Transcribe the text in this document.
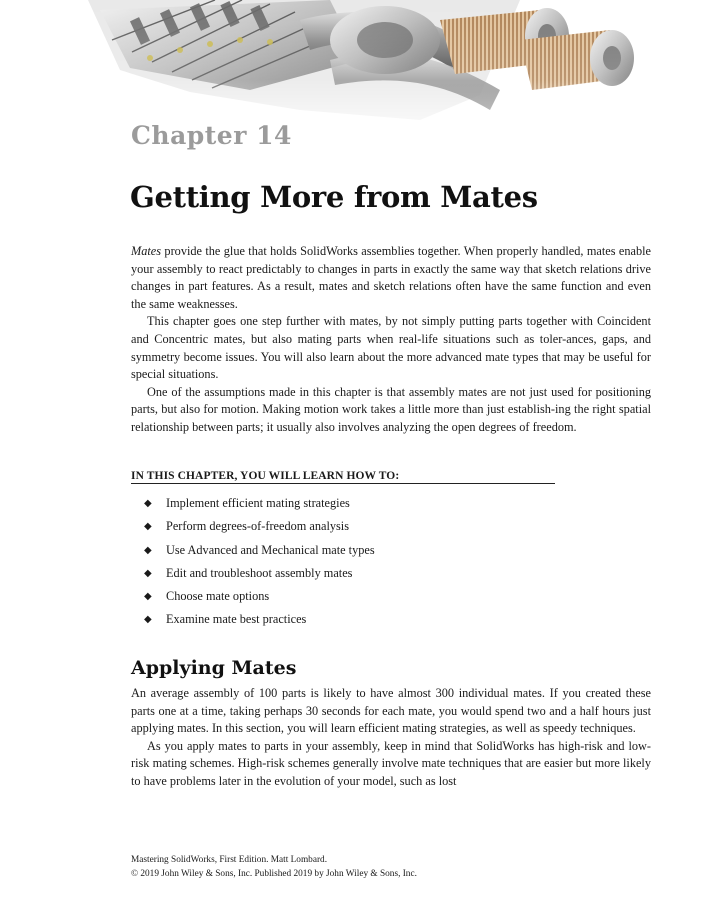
Chapter 14
Getting More from Mates

Mates provide the glue that holds SolidWorks assemblies together. When properly handled, mates enable your assembly to react predictably to changes in parts in exactly the same way that sketch relations drive changes in part features. As a result, mates and sketch relations often have the same function and even the same weaknesses.

This chapter goes one step further with mates, by not simply putting parts together with Coincident and Concentric mates, but also mating parts when real-life situations such as toler-ances, gaps, and symmetry become issues. You will also learn about the more advanced mate types that may be useful for special situations.

One of the assumptions made in this chapter is that assembly mates are not just used for positioning parts, but also for motion. Making motion work takes a little more than just establish-ing the right spatial relationship between parts; it usually also involves analyzing the open degrees of freedom.

IN THIS CHAPTER, YOU WILL LEARN HOW TO:
◆	Implement efficient mating strategies
◆	Perform degrees-of-freedom analysis
◆	Use Advanced and Mechanical mate types
◆	Edit and troubleshoot assembly mates
◆	Choose mate options
◆	Examine mate best practices
Applying Mates

An average assembly of 100 parts is likely to have almost 300 individual mates. If you created these parts one at a time, taking perhaps 30 seconds for each mate, you would spend two and a half hours just applying mates. In this section, you will learn efficient mating strategies, as well as speedy techniques.

As you apply mates to parts in your assembly, keep in mind that SolidWorks has high-risk and low-risk mating schemes. High-risk schemes generally involve mate techniques that are easier but more likely to have problems later in the evolution of your model, such as lost

Mastering SolidWorks, First Edition. Matt Lombard.
© 2019 John Wiley & Sons, Inc. Published 2019 by John Wiley & Sons, Inc.
